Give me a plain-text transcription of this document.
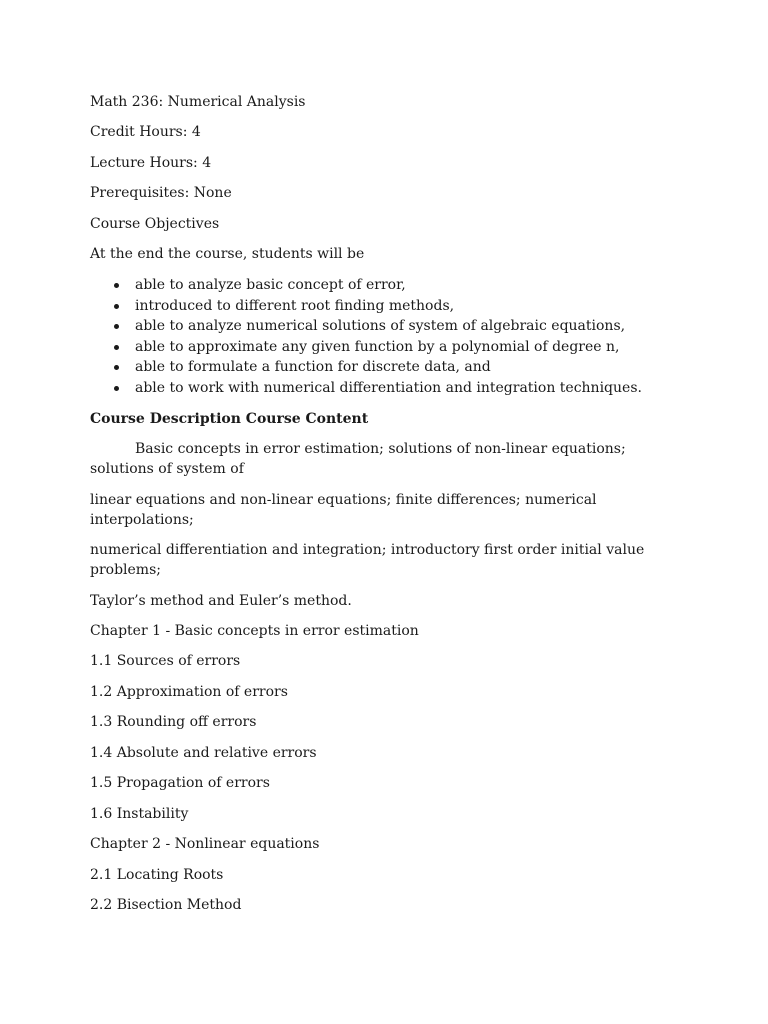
Math 236: Numerical Analysis

Credit Hours: 4

Lecture Hours: 4

Prerequisites: None

Course Objectives

At the end the course, students will be

able to analyze basic concept of error,
introduced to different root finding methods,
able to analyze numerical solutions of system of algebraic equations,
able to approximate any given function by a polynomial of degree n,
able to formulate a function for discrete data, and
able to work with numerical differentiation and integration techniques.

Course Description Course Content

Basic concepts in error estimation; solutions of non-linear equations; solutions of system of

linear equations and non-linear equations; finite differences; numerical interpolations;

numerical differentiation and integration; introductory first order initial value problems;

Taylor’s method and Euler’s method.

Chapter 1 - Basic concepts in error estimation

1.1 Sources of errors

1.2 Approximation of errors

1.3 Rounding off errors

1.4 Absolute and relative errors

1.5 Propagation of errors

1.6 Instability

Chapter 2 - Nonlinear equations

2.1 Locating Roots

2.2 Bisection Method
